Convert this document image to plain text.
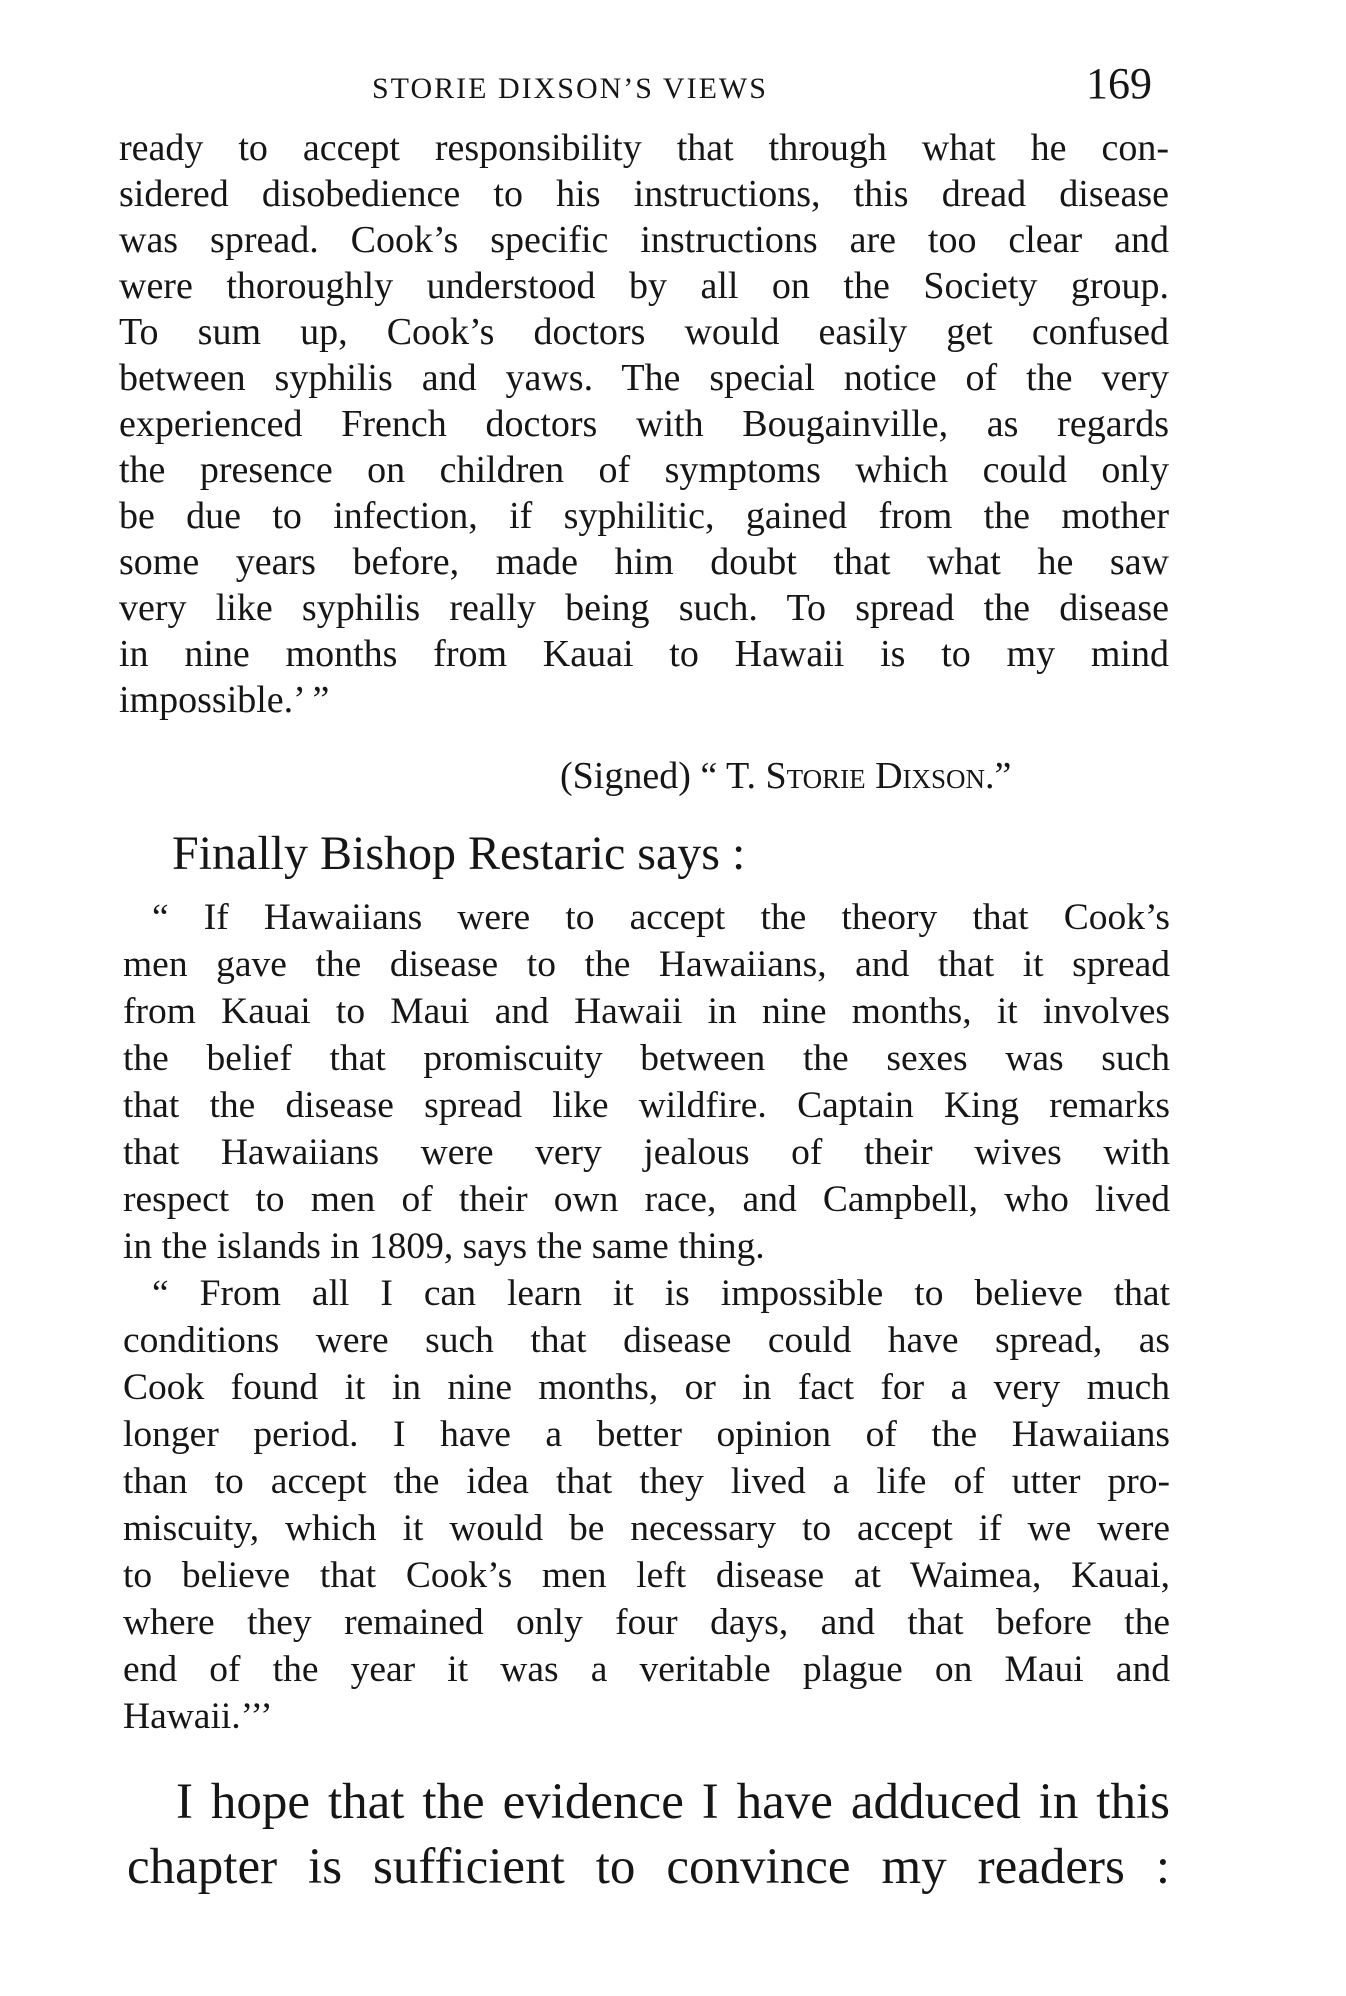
STORIE DIXSON’S VIEWS	169
ready to accept responsibility that through what he con-
sidered disobedience to his instructions, this dread disease
was spread. Cook’s specific instructions are too clear and
were thoroughly understood by all on the Society group.
To sum up, Cook’s doctors would easily get confused
between syphilis and yaws. The special notice of the very
experienced French doctors with Bougainville, as regards
the presence on children of symptoms which could only
be due to infection, if syphilitic, gained from the mother
some years before, made him doubt that what he saw
very like syphilis really being such. To spread the disease
in nine months from Kauai to Hawaii is to my mind
impossible.’ ”
(Signed) “ T. Storie Dixson.”
Finally Bishop Restaric says :
“ If Hawaiians were to accept the theory that Cook’s
men gave the disease to the Hawaiians, and that it spread
from Kauai to Maui and Hawaii in nine months, it involves
the belief that promiscuity between the sexes was such
that the disease spread like wildfire. Captain King remarks
that Hawaiians were very jealous of their wives with
respect to men of their own race, and Campbell, who lived
in the islands in 1809, says the same thing.
“ From all I can learn it is impossible to believe that
conditions were such that disease could have spread, as
Cook found it in nine months, or in fact for a very much
longer period. I have a better opinion of the Hawaiians
than to accept the idea that they lived a life of utter pro-
miscuity, which it would be necessary to accept if we were
to believe that Cook’s men left disease at Waimea, Kauai,
where they remained only four days, and that before the
end of the year it was a veritable plague on Maui and
Hawaii.’’’
I hope that the evidence I have adduced in this
chapter is sufficient to convince my readers :
